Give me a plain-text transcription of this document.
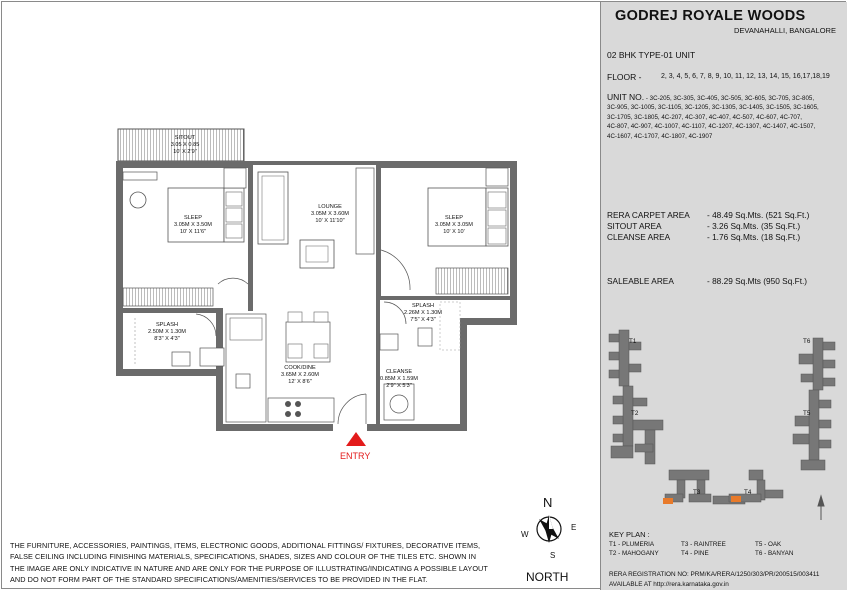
SITOUT
3.05 X 0.85
10' X 2'9"
SLEEP
3.05M X 3.50M
10' X 11'6"
LOUNGE
3.05M X 3.60M
10' X 11'10"	SLEEP
3.05M X 3.05M
10' X 10'
SPLASH
2.50M X 1.30M
8'3" X 4'3"
SPLASH
2.26M X 1.30M
7'5" X 4'3"
COOK/DINE
3.65M X 2.60M
12' X 8'6"
CLEANSE
0.85M X 1.59M
2'9" X 5'3"
ENTRY
THE FURNITURE, ACCESSORIES, PAINTINGS, ITEMS, ELECTRONIC GOODS, ADDITIONAL FITTINGS/ FIXTURES, DECORATIVE ITEMS, FALSE CEILING INCLUDING FINISHING MATERIALS, SPECIFICATIONS, SHADES, SIZES AND COLOUR OF THE TILES ETC. SHOWN IN THE IMAGE ARE ONLY INDICATIVE IN NATURE AND ARE ONLY FOR THE PURPOSE OF ILLUSTRATING/INDICATING A POSSIBLE LAYOUT AND DO NOT FORM PART OF THE STANDARD SPECIFICATIONS/AMENITIES/SERVICES TO BE PROVIDED IN THE FLAT.
N
S
E
W
NORTH
GODREJ ROYALE WOODS
DEVANAHALLI, BANGALORE
02 BHK TYPE-01 UNIT
FLOOR -	2, 3, 4, 5, 6, 7, 8, 9, 10, 11, 12, 13, 14, 15, 16,17,18,19
UNIT NO. - 3C-205, 3C-305, 3C-405, 3C-505, 3C-605, 3C-705, 3C-805,
3C-905, 3C-1005, 3C-1105, 3C-1205, 3C-1305, 3C-1405, 3C-1505, 3C-1605,
3C-1705, 3C-1805, 4C-207, 4C-307, 4C-407, 4C-507, 4C-607, 4C-707,
4C-807, 4C-907, 4C-1007, 4C-1107, 4C-1207, 4C-1307, 4C-1407, 4C-1507,
4C-1607, 4C-1707, 4C-1807, 4C-1907
RERA CARPET AREA - 48.49 Sq.Mts. (521 Sq.Ft.)
SITOUT AREA	- 3.26 Sq.Mts. (35 Sq.Ft.)
CLEANSE AREA	- 1.76 Sq.Mts. (18 Sq.Ft.)
SALEABLE AREA	- 88.29 Sq.Mts (950 Sq.Ft.)
T1
T2
T3	T4
T5
T6
KEY PLAN :
T1 - PLUMERIA	T3 - RAINTREE	T5 - OAK
T2 - MAHOGANY	T4 - PINE	T6 - BANYAN
RERA REGISTRATION NO: PRM/KA/RERA/1250/303/PR/200515/003411
AVAILABLE AT http://rera.karnataka.gov.in
